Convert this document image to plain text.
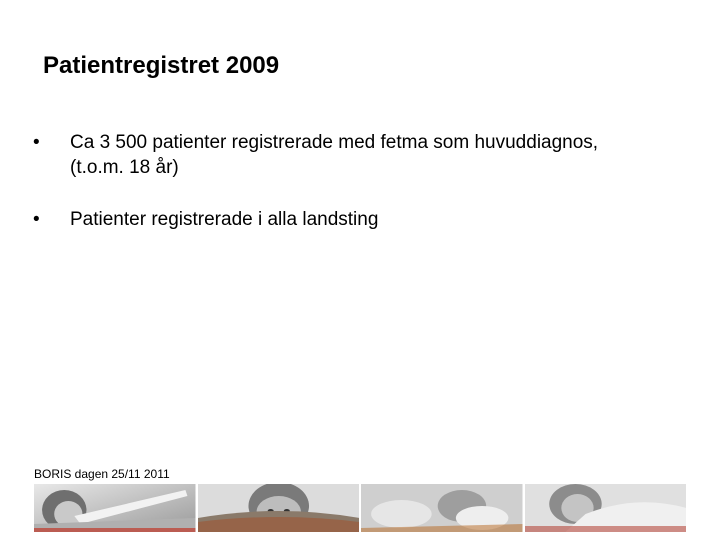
Patientregistret 2009
• Ca 3 500 patienter registrerade med fetma som huvuddiagnos,
(t.o.m. 18 år)
• Patienter registrerade i alla landsting
BORIS dagen 25/11 2011
